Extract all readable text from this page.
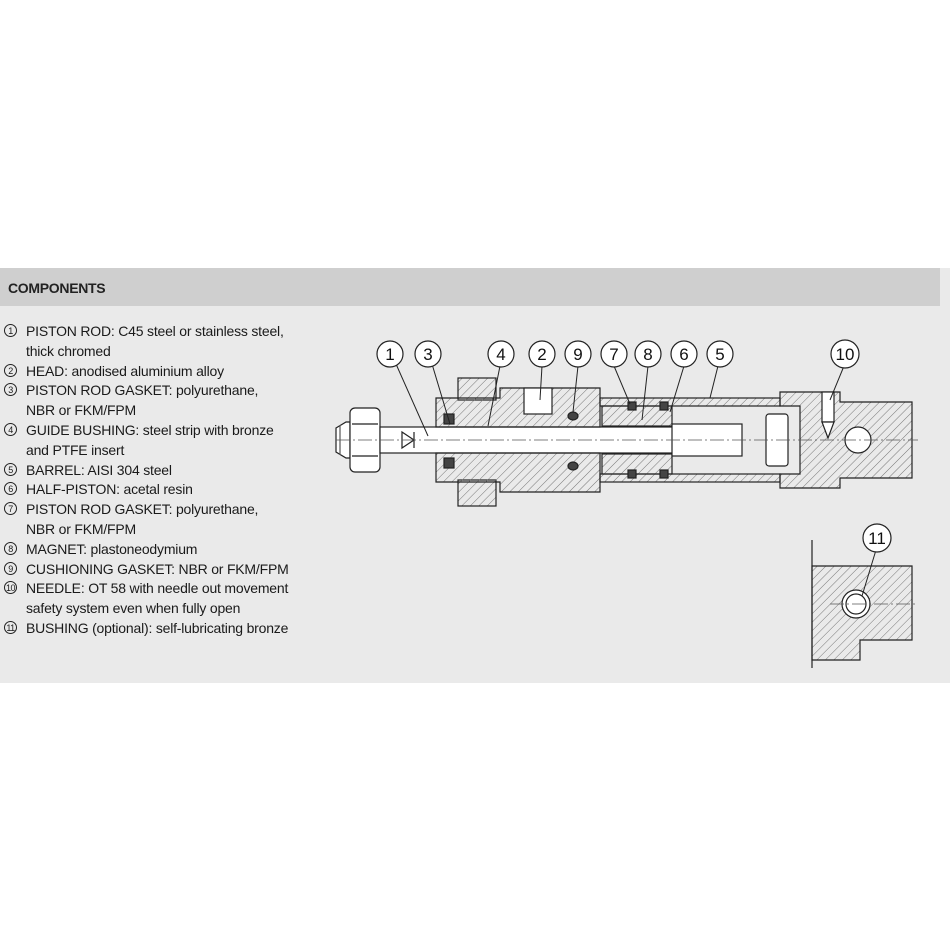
COMPONENTS
1 PISTON ROD: C45 steel or stainless steel,
thick chromed
2 HEAD: anodised aluminium alloy
3 PISTON ROD GASKET: polyurethane,
NBR or FKM/FPM
4 GUIDE BUSHING: steel strip with bronze
and PTFE insert
5 BARREL: AISI 304 steel
6 HALF-PISTON: acetal resin
7 PISTON ROD GASKET: polyurethane,
NBR or FKM/FPM
8 MAGNET: plastoneodymium
9 CUSHIONING GASKET: NBR or FKM/FPM
10 NEEDLE: OT 58 with needle out movement
safety system even when fully open
11 BUSHING (optional): self-lubricating bronze
1 3	4 2 9 7 8 6 5	10
11
